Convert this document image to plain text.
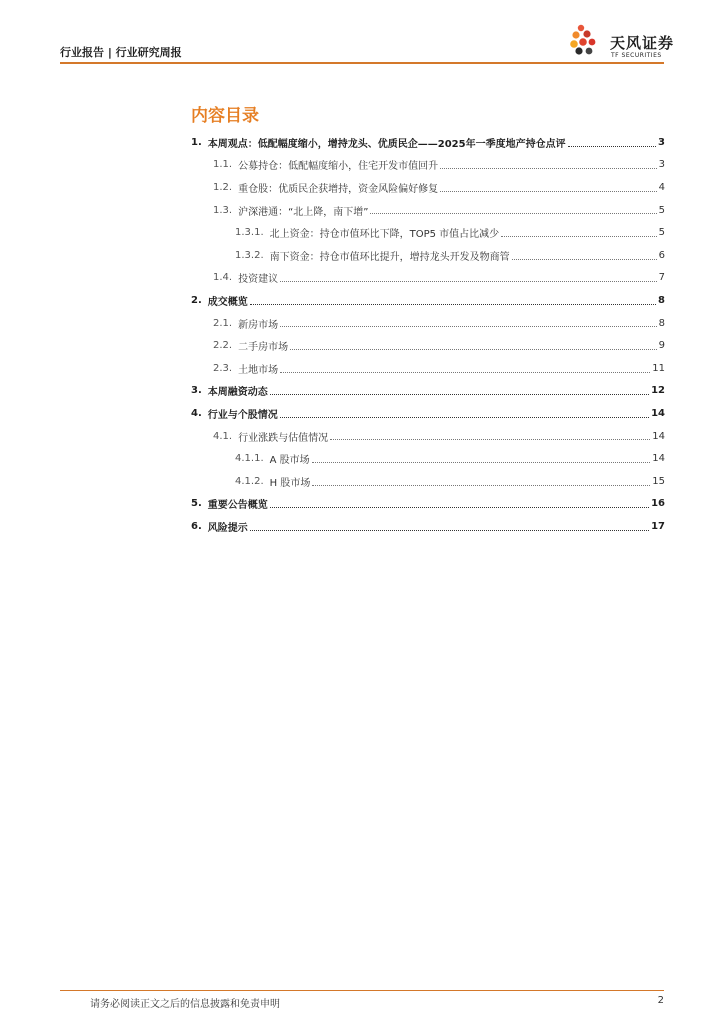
行业报告 | 行业研究周报
天风证券
TF SECURITIES
内容目录
1. 本周观点：低配幅度缩小，增持龙头、优质民企——2025年一季度地产持仓点评	3
1.1. 公募持仓：低配幅度缩小，住宅开发市值回升	3
1.2. 重仓股：优质民企获增持，资金风险偏好修复	4
1.3. 沪深港通：“北上降，南下增”	5
1.3.1. 北上资金：持仓市值环比下降，TOP5 市值占比减少	5
1.3.2. 南下资金：持仓市值环比提升，增持龙头开发及物商管	6
1.4. 投资建议	7
2. 成交概览	8
2.1. 新房市场	8
2.2. 二手房市场	9
2.3. 土地市场	11
3. 本周融资动态	12
4. 行业与个股情况	14
4.1. 行业涨跌与估值情况	14
4.1.1. A 股市场	14
4.1.2. H 股市场	15
5. 重要公告概览	16
6. 风险提示	17
请务必阅读正文之后的信息披露和免责申明	2
